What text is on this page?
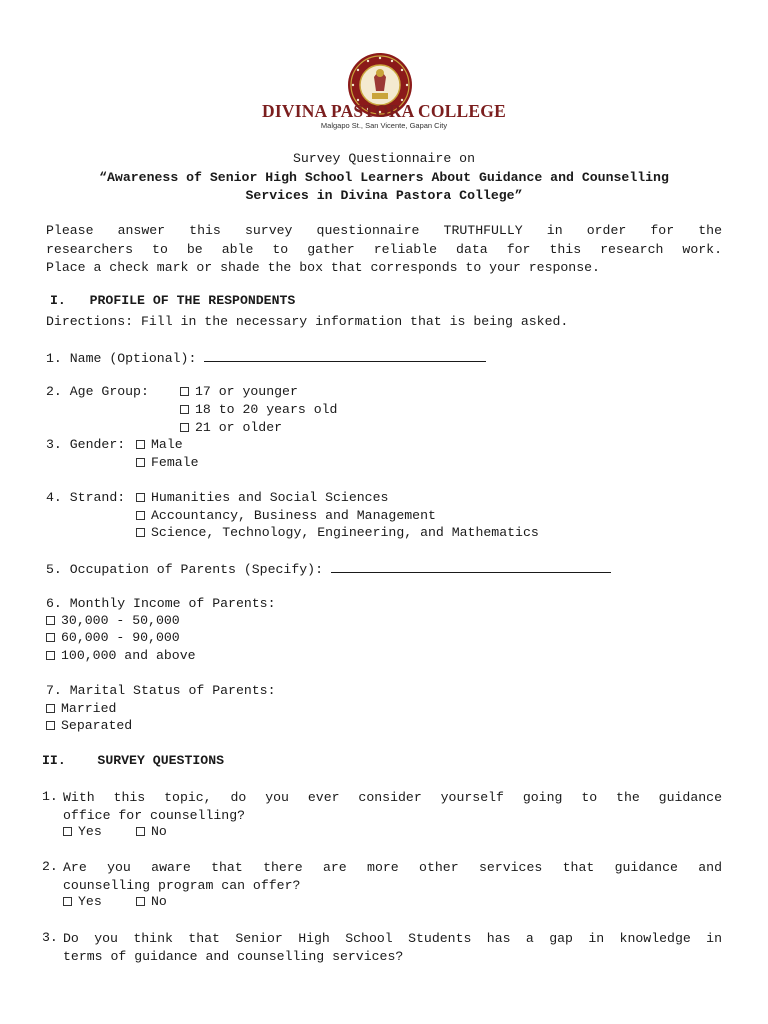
DIVINA PASTORA COLLEGE
Malgapo St., San Vicente, Gapan City
Survey Questionnaire on
“Awareness of Senior High School Learners About Guidance and Counselling
Services in Divina Pastora College”
Please answer this survey questionnaire TRUTHFULLY in order for the
researchers to be able to gather reliable data for this research work.
Place a check mark or shade the box that corresponds to your response.
I. PROFILE OF THE RESPONDENTS
Directions: Fill in the necessary information that is being asked.
1. Name (Optional):
2. Age Group:	17 or younger
18 to 20 years old
21 or older
3. Gender:	Male
Female
4. Strand:	Humanities and Social Sciences
Accountancy, Business and Management
Science, Technology, Engineering, and Mathematics
5. Occupation of Parents (Specify):
6. Monthly Income of Parents:
30,000 - 50,000
60,000 - 90,000
100,000 and above
7. Marital Status of Parents:
Married
Separated
II. SURVEY QUESTIONS
1. With this topic, do you ever consider yourself going to the guidance
office for counselling?
Yes	No
2. Are you aware that there are more other services that guidance and
counselling program can offer?
Yes	No
3. Do you think that Senior High School Students has a gap in knowledge in
terms of guidance and counselling services?
